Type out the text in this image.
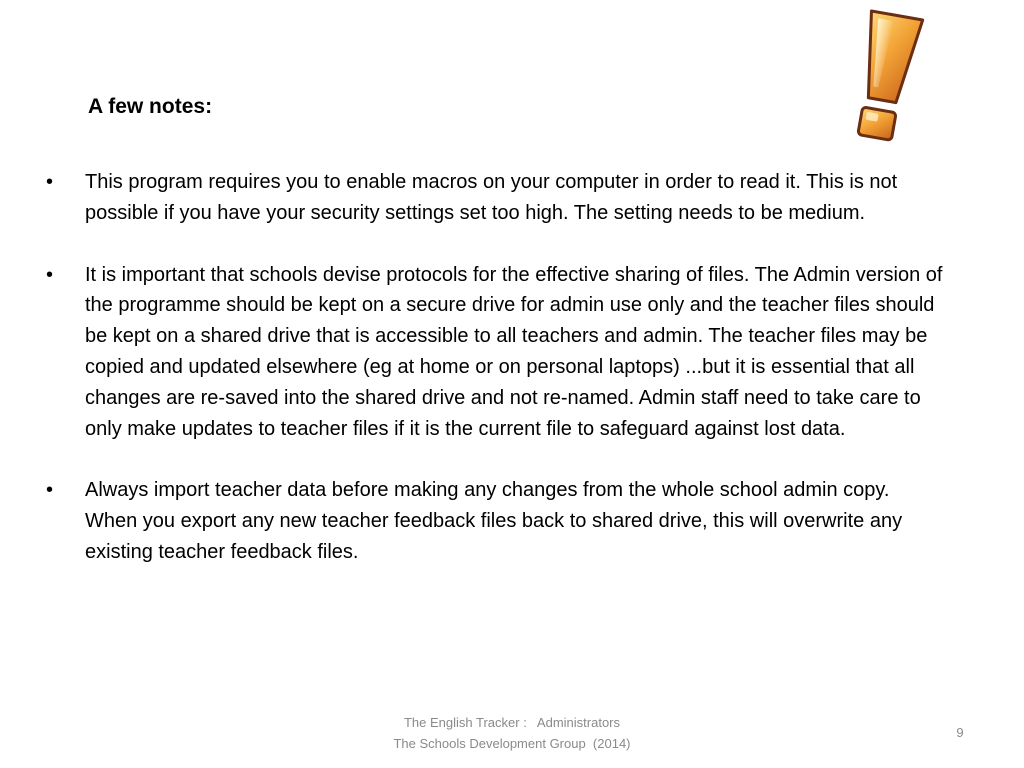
A few notes:
• This program requires you to enable macros on your computer in order to read it. This is not possible if you have your security settings set too high. The setting needs to be medium.
• It is important that schools devise protocols for the effective sharing of files. The Admin version of the programme should be kept on a secure drive for admin use only and the teacher files should be kept on a shared drive that is accessible to all teachers and admin. The teacher files may be copied and updated elsewhere (eg at home or on personal laptops) ...but it is essential that all changes are re-saved into the shared drive and not re-named. Admin staff need to take care to only make updates to teacher files if it is the current file to safeguard against lost data.
• Always import teacher data before making any changes from the whole school admin copy. When you export any new teacher feedback files back to shared drive, this will overwrite any existing teacher feedback files.
The English Tracker :   Administrators
The Schools Development Group  (2014)
9
